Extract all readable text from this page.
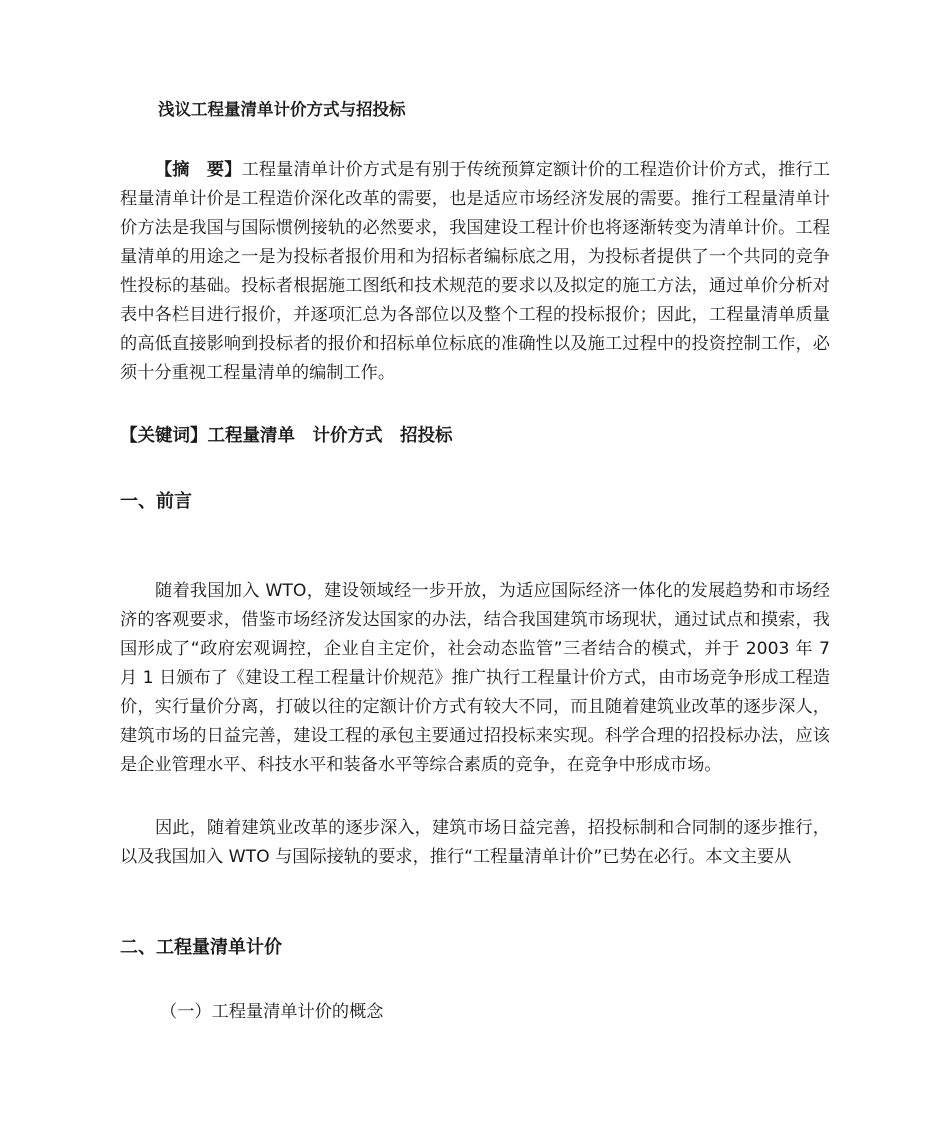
浅议工程量清单计价方式与招投标
【摘　要】工程量清单计价方式是有别于传统预算定额计价的工程造价计价方式，推行工程量清单计价是工程造价深化改革的需要，也是适应市场经济发展的需要。推行工程量清单计价方法是我国与国际惯例接轨的必然要求，我国建设工程计价也将逐渐转变为清单计价。工程量清单的用途之一是为投标者报价用和为招标者编标底之用，为投标者提供了一个共同的竞争性投标的基础。投标者根据施工图纸和技术规范的要求以及拟定的施工方法，通过单价分析对表中各栏目进行报价，并逐项汇总为各部位以及整个工程的投标报价；因此，工程量清单质量的高低直接影响到投标者的报价和招标单位标底的准确性以及施工过程中的投资控制工作，必须十分重视工程量清单的编制工作。
【关键词】工程量清单　计价方式　招投标
一、前言
随着我国加入 WTO，建设领域经一步开放，为适应国际经济一体化的发展趋势和市场经济的客观要求，借鉴市场经济发达国家的办法，结合我国建筑市场现状，通过试点和摸索，我国形成了“政府宏观调控，企业自主定价，社会动态监管”三者结合的模式，并于 2003 年 7 月 1 日颁布了《建设工程工程量计价规范》推广执行工程量计价方式，由市场竞争形成工程造价，实行量价分离，打破以往的定额计价方式有较大不同，而且随着建筑业改革的逐步深人，建筑市场的日益完善，建设工程的承包主要通过招投标来实现。科学合理的招投标办法，应该是企业管理水平、科技水平和装备水平等综合素质的竞争，在竞争中形成市场。
因此，随着建筑业改革的逐步深入，建筑市场日益完善，招投标制和合同制的逐步推行，以及我国加入 WTO 与国际接轨的要求，推行“工程量清单计价”已势在必行。本文主要从
二、工程量清单计价
（一）工程量清单计价的概念
